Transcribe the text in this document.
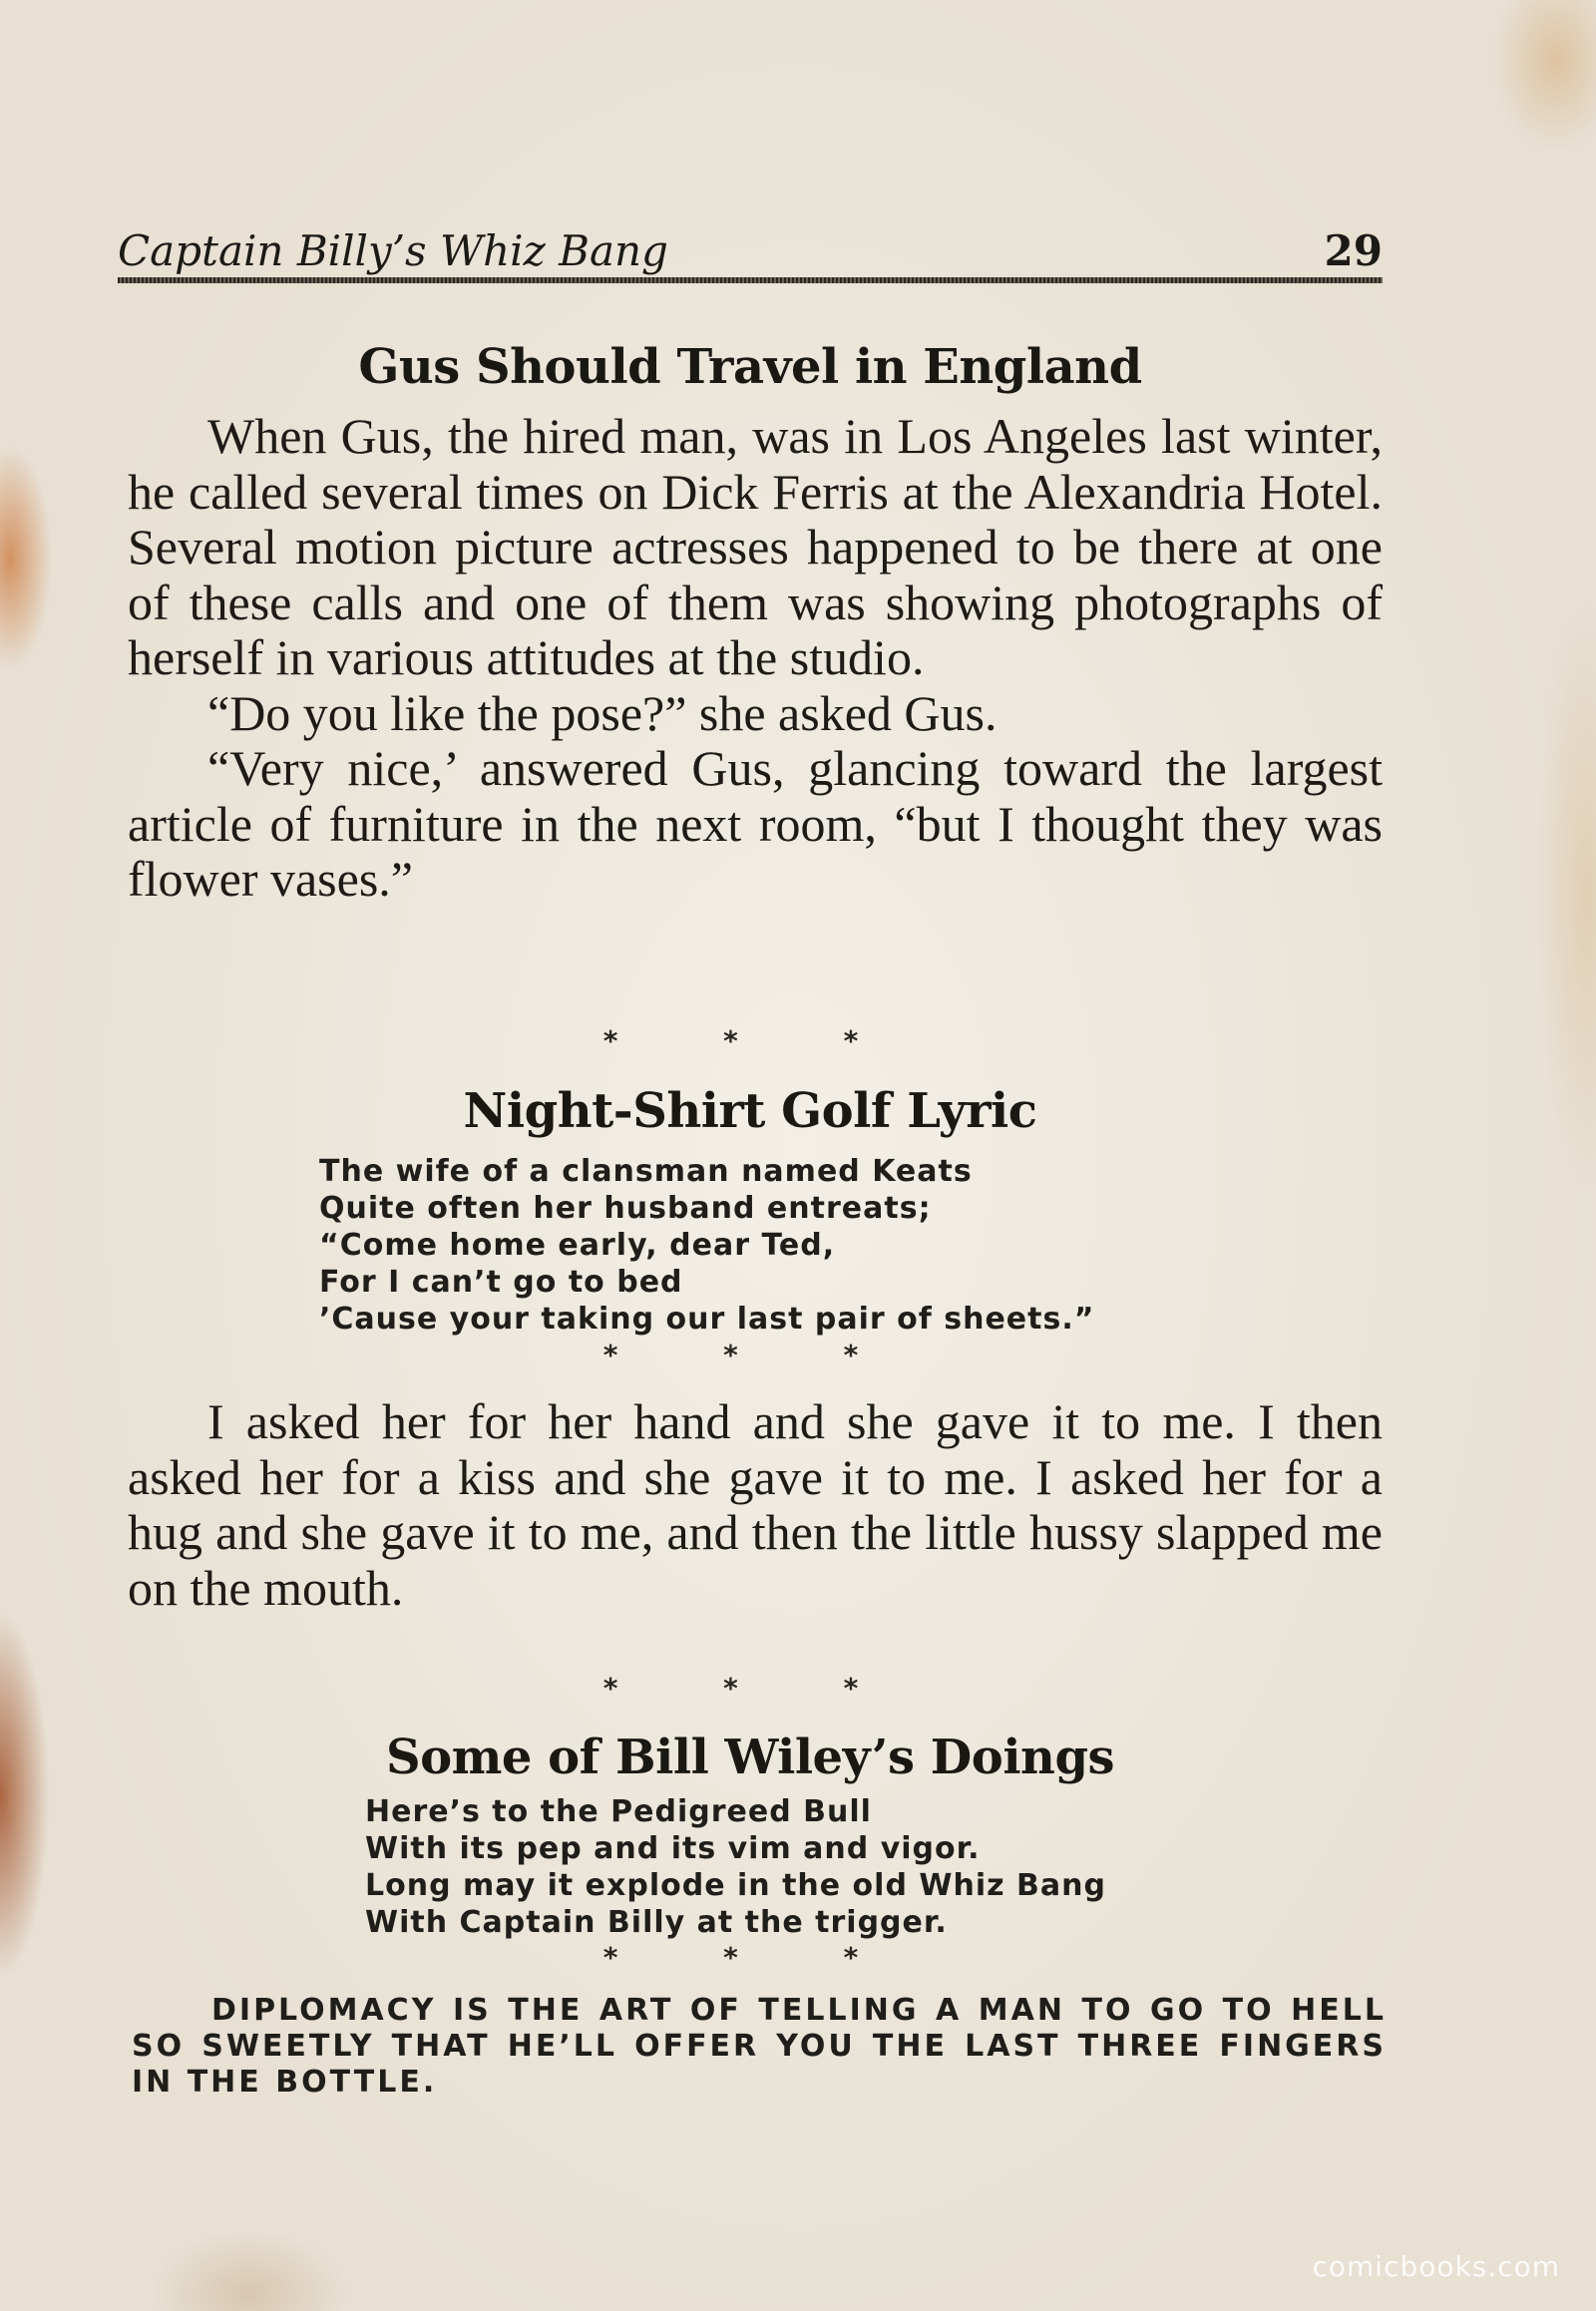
Captain Billy’s Whiz Bang	29
Gus Should Travel in England

When Gus, the hired man, was in Los Angeles last winter, he called several times on Dick Ferris at the Alexandria Hotel. Several motion picture actresses happened to be there at one of these calls and one of them was showing photographs of herself in various attitudes at the studio.

“Do you like the pose?” she asked Gus.

“Very nice,’ answered Gus, glancing toward the largest article of furniture in the next room, “but I thought they was flower vases.”

* * *
Night-Shirt Golf Lyric
The wife of a clansman named Keats
Quite often her husband entreats;
“Come home early, dear Ted,
For I can’t go to bed
’Cause your taking our last pair of sheets.”
* * *

I asked her for her hand and she gave it to me. I then asked her for a kiss and she gave it to me. I asked her for a hug and she gave it to me, and then the little hussy slapped me on the mouth.

* * *
Some of Bill Wiley’s Doings
Here’s to the Pedigreed Bull
With its pep and its vim and vigor.
Long may it explode in the old Whiz Bang
With Captain Billy at the trigger.
* * *

DIPLOMACY IS THE ART OF TELLING A MAN TO GO TO HELL SO SWEETLY THAT HE’LL OFFER YOU THE LAST THREE FINGERS IN THE BOTTLE.

comicbooks.com
